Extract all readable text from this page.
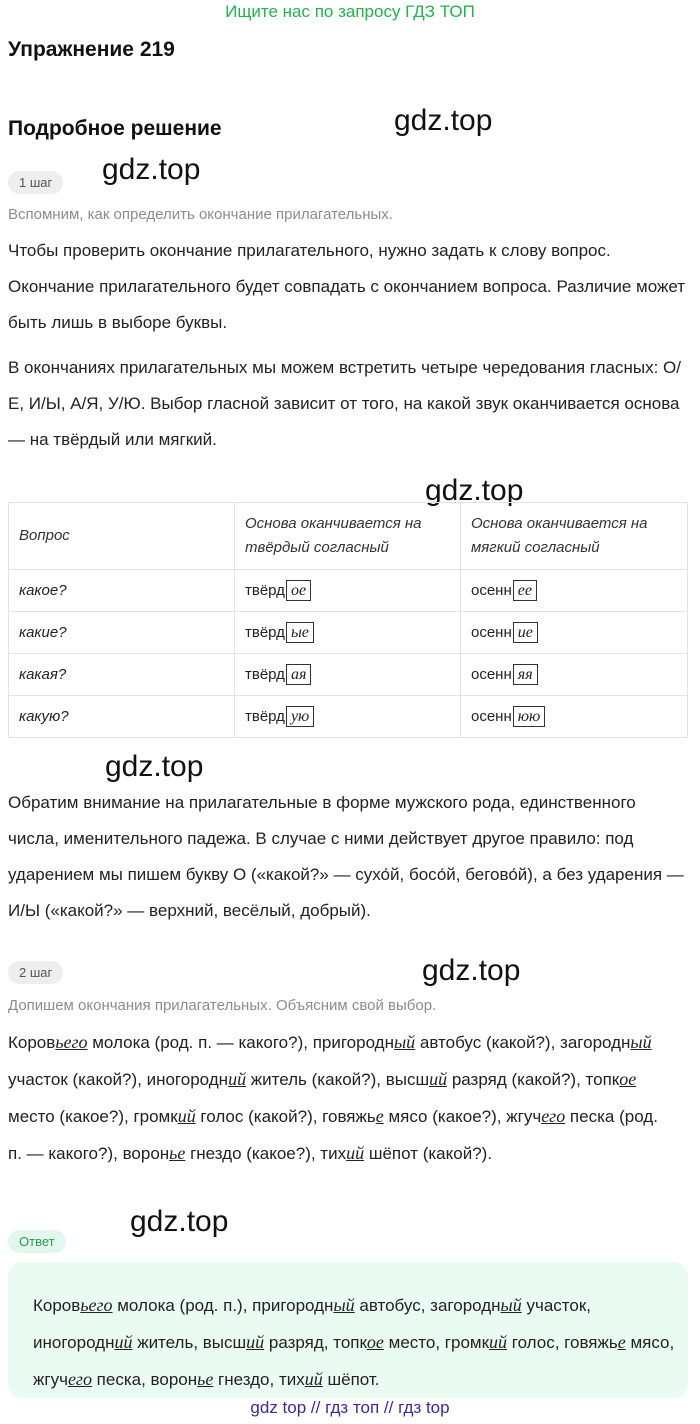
Ищите нас по запросу ГДЗ ТОП
Упражнение 219
Подробное решение	gdz.top
1 шаг	gdz.top
Вспомним, как определить окончание прилагательных.
Чтобы проверить окончание прилагательного, нужно задать к слову вопрос. Окончание прилагательного будет совпадать с окончанием вопроса. Различие может быть лишь в выборе буквы.
В окончаниях прилагательных мы можем встретить четыре чередования гласных: О/Е, И/Ы, А/Я, У/Ю. Выбор гласной зависит от того, на какой звук оканчивается основа — на твёрдый или мягкий.
gdz.top
Вопрос	Основа оканчивается на твёрдый согласный	Основа оканчивается на мягкий согласный
какое?	твёрд ое	осенн ее
какие?	твёрд ые	осенн ие
какая?	твёрд ая	осенн яя
какую?	твёрд ую	осенн юю
gdz.top
Обратим внимание на прилагательные в форме мужского рода, единственного числа, именительного падежа. В случае с ними действует другое правило: под ударением мы пишем букву О («какой?» — сухо́й, босо́й, бегово́й), а без ударения — И/Ы («какой?» — верхний, весёлый, добрый).
2 шаг	gdz.top
Допишем окончания прилагательных. Объясним свой выбор.
Коровьего молока (род. п. — какого?), пригородный автобус (какой?), загородный участок (какой?), иногородний житель (какой?), высший разряд (какой?), топкое место (какое?), громкий голос (какой?), говяжье мясо (какое?), жгучего песка (род. п. — какого?), воронье гнездо (какое?), тихий шёпот (какой?).
gdz.top
Ответ
Коровьего молока (род. п.), пригородный автобус, загородный участок, иногородний житель, высший разряд, топкое место, громкий голос, говяжье мясо, жгучего песка, воронье гнездо, тихий шёпот.
gdz top // гдз топ // гдз top
